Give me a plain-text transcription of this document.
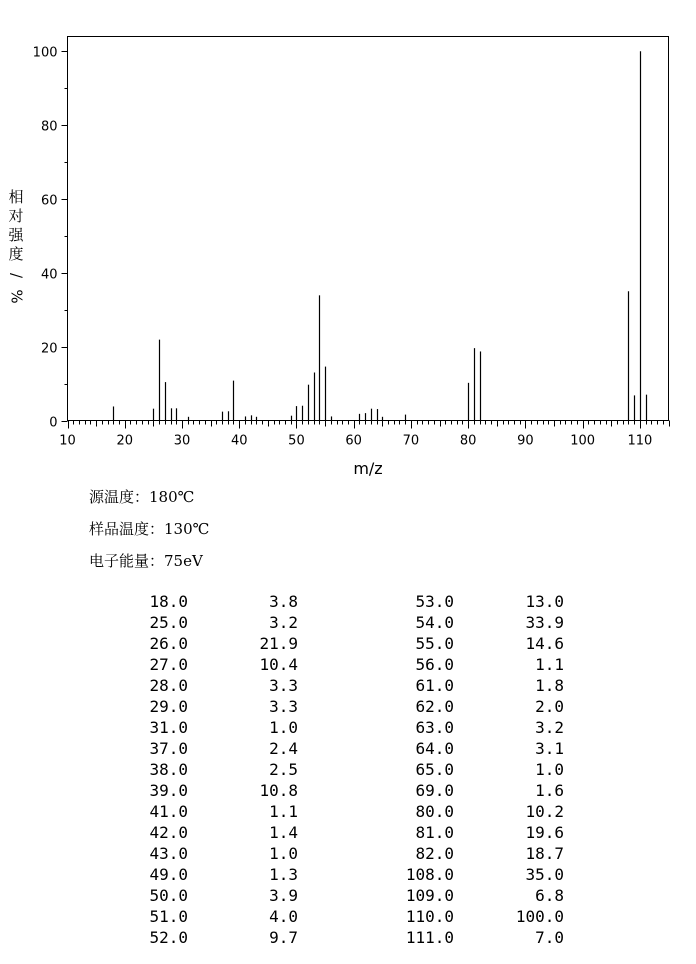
0
20
40
60
80
100
10	20	30	40	50	60	70	80	90	100 110
m/z
相
对
强
度
/
%
源温度：180℃
样品温度：130℃
电子能量：75eV
18.0	3.8	53.0	13.0
25.0	3.2	54.0	33.9
26.0	21.9	55.0	14.6
27.0	10.4	56.0	1.1
28.0	3.3	61.0	1.8
29.0	3.3	62.0	2.0
31.0	1.0	63.0	3.2
37.0	2.4	64.0	3.1
38.0	2.5	65.0	1.0
39.0	10.8	69.0	1.6
41.0	1.1	80.0	10.2
42.0	1.4	81.0	19.6
43.0	1.0	82.0	18.7
49.0	1.3	108.0	35.0
50.0	3.9	109.0	6.8
51.0	4.0	110.0	100.0
52.0	9.7	111.0	7.0
